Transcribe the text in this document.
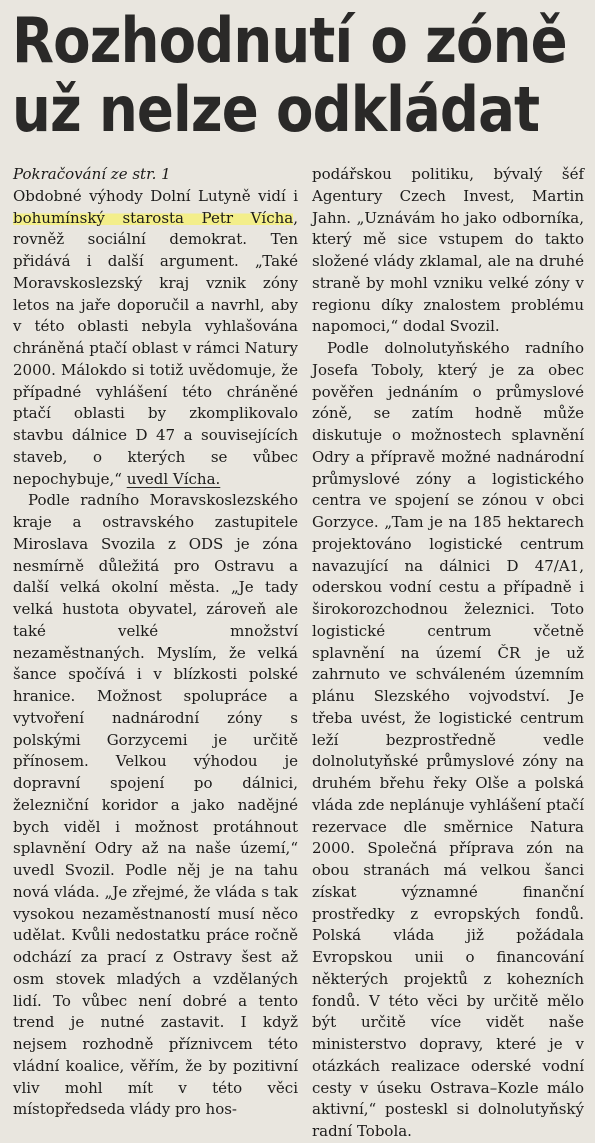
Rozhodnutí o zóně
už nelze odkládat

Pokračování ze str. 1
Obdobné výhody Dolní Lutyně vidí i bohumínský starosta Petr Vícha, rovněž sociální demokrat. Ten přidává i další argument. „Také Moravskoslezský kraj vznik zóny letos na jaře doporučil a navrhl, aby v této oblasti nebyla vyhlašována chráněná ptačí oblast v rámci Natury 2000. Málokdo si totiž uvědomuje, že případné vyhlášení této chráněné ptačí oblasti by zkomplikovalo stavbu dálnice D 47 a souvisejících staveb, o kterých se vůbec nepochybuje,“ uvedl Vícha.

Podle radního Moravskoslezského kraje a ostravského zastupitele Miroslava Svozila z ODS je zóna nesmírně důležitá pro Ostravu a další velká okolní města. „Je tady velká hustota obyvatel, zároveň ale také velké množství nezaměstnaných. Myslím, že velká šance spočívá i v blízkosti polské hranice. Možnost spolupráce a vytvoření nadnárodní zóny s polskými Gorzycemi je určitě přínosem. Velkou výhodou je dopravní spojení po dálnici, železniční koridor a jako nadějné bych viděl i možnost protáhnout splavnění Odry až na naše území,“ uvedl Svozil. Podle něj je na tahu nová vláda. „Je zřejmé, že vláda s tak vysokou nezaměstnaností musí něco udělat. Kvůli nedostatku práce ročně odchází za prací z Ostravy šest až osm stovek mladých a vzdělaných lidí. To vůbec není dobré a tento trend je nutné zastavit. I když nejsem rozhodně příznivcem této vládní koalice, věřím, že by pozitivní vliv mohl mít v této věci místopředseda vlády pro hos-

podářskou politiku, bývalý šéf Agentury Czech Invest, Martin Jahn. „Uznávám ho jako odborníka, který mě sice vstupem do takto složené vlády zklamal, ale na druhé straně by mohl vzniku velké zóny v regionu díky znalostem problému napomoci,“ dodal Svozil.

Podle dolnolutyňského radního Josefa Toboly, který je za obec pověřen jednáním o průmyslové zóně, se zatím hodně může diskutuje o možnostech splavnění Odry a přípravě možné nadnárodní průmyslové zóny a logistického centra ve spojení se zónou v obci Gorzyce. „Tam je na 185 hektarech projektováno logistické centrum navazující na dálnici D 47/A1, oderskou vodní cestu a případně i širokorozchodnou železnici. Toto logistické centrum včetně splavnění na území ČR je už zahrnuto ve schváleném územním plánu Slezského vojvodství. Je třeba uvést, že logistické centrum leží bezprostředně vedle dolnolutyňské průmyslové zóny na druhém břehu řeky Olše a polská vláda zde neplánuje vyhlášení ptačí rezervace dle směrnice Natura 2000. Společná příprava zón na obou stranách má velkou šanci získat významné finanční prostředky z evropských fondů. Polská vláda již požádala Evropskou unii o financování některých projektů z kohezních fondů. V této věci by určitě mělo být určitě více vidět naše ministerstvo dopravy, které je v otázkách realizace oderské vodní cesty v úseku Ostrava–Kozle málo aktivní,“ posteskl si dolnolutyňský radní Tobola.
